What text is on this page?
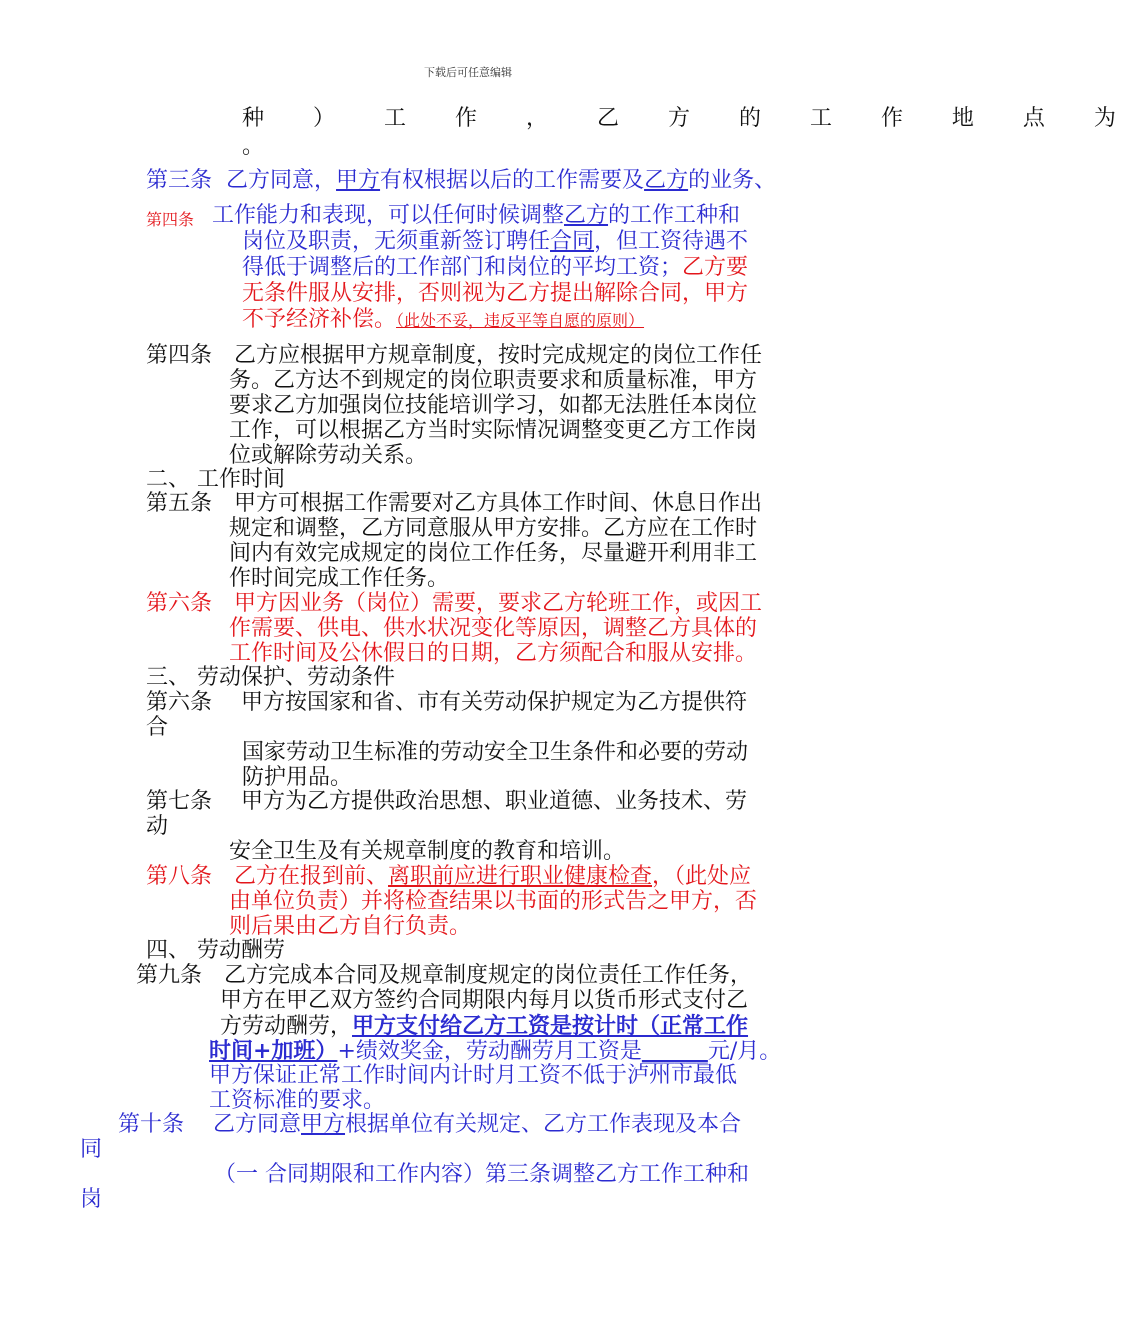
下载后可任意编辑
种 ） 工 作 ， 乙 方 的 工 作 地 点 为
。
第三条 乙方同意，甲方有权根据以后的工作需要及乙方的业务、
第四条 工作能力和表现，可以任何时候调整乙方的工作工种和
岗位及职责，无须重新签订聘任合同，但工资待遇不
得低于调整后的工作部门和岗位的平均工资；乙方要
无条件服从安排，否则视为乙方提出解除合同，甲方
不予经济补偿。（此处不妥，违反平等自愿的原则）
第四条　乙方应根据甲方规章制度，按时完成规定的岗位工作任
务。乙方达不到规定的岗位职责要求和质量标准，甲方
要求乙方加强岗位技能培训学习，如都无法胜任本岗位
工作，可以根据乙方当时实际情况调整变更乙方工作岗
位或解除劳动关系。
二、 工作时间
第五条　甲方可根据工作需要对乙方具体工作时间、休息日作出
规定和调整，乙方同意服从甲方安排。乙方应在工作时
间内有效完成规定的岗位工作任务，尽量避开利用非工
作时间完成工作任务。
第六条　甲方因业务（岗位）需要，要求乙方轮班工作，或因工
作需要、供电、供水状况变化等原因，调整乙方具体的
工作时间及公休假日的日期，乙方须配合和服从安排。
三、 劳动保护、劳动条件
第六条　 甲方按国家和省、市有关劳动保护规定为乙方提供符
合
国家劳动卫生标准的劳动安全卫生条件和必要的劳动
防护用品。
第七条　 甲方为乙方提供政治思想、职业道德、业务技术、劳
动
安全卫生及有关规章制度的教育和培训。
第八条　乙方在报到前、离职前应进行职业健康检查，（此处应
由单位负责）并将检查结果以书面的形式告之甲方，否
则后果由乙方自行负责。
四、 劳动酬劳
第九条　乙方完成本合同及规章制度规定的岗位责任工作任务，
甲方在甲乙双方签约合同期限内每月以货币形式支付乙
方劳动酬劳，甲方支付给乙方工资是按计时（正常工作
时间+加班）+绩效奖金，劳动酬劳月工资是______元/月。
甲方保证正常工作时间内计时月工资不低于泸州市最低
工资标准的要求。
第十条　 乙方同意甲方根据单位有关规定、乙方工作表现及本合
同
（一 合同期限和工作内容）第三条调整乙方工作工种和
岗
